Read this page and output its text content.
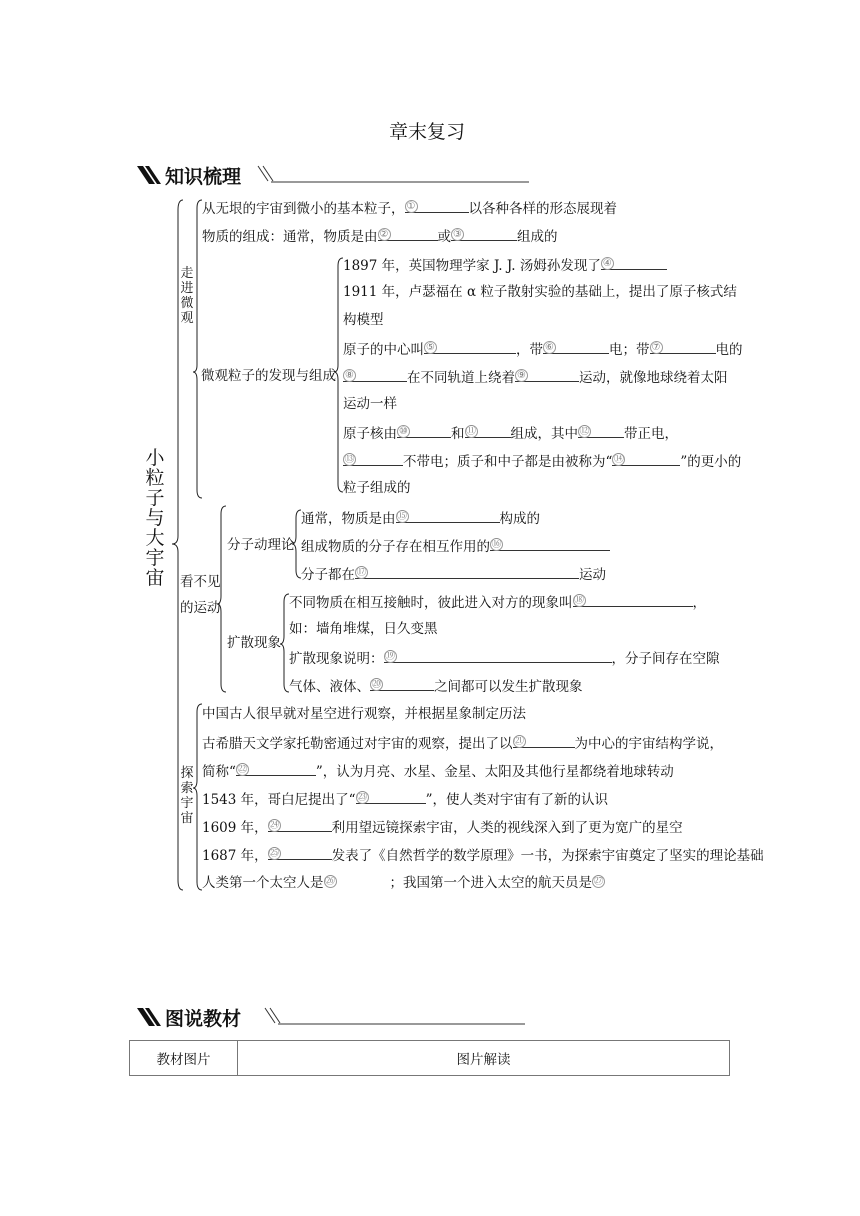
章末复习
知识梳理
小
粒
子
与
大
宇
宙
走
进
微
观
看不见
的运动
探
索
宇
宙
微观粒子的发现与组成
分子动理论
扩散现象
从无垠的宇宙到微小的基本粒子， ①	以各种各样的形态展现着
物质的组成：通常，物质是由 ②	或 ③	组成的
1897 年，英国物理学家 J. J. 汤姆孙发现了 ④
1911 年，卢瑟福在 α 粒子散射实验的基础上，提出了原子核式结
构模型
原子的中心叫 ⑤	，带 ⑥	电；带 ⑦	电的
⑧	在不同轨道上绕着 ⑨	运动，就像地球绕着太阳
运动一样
原子核由 ⑩	和 ⑪	组成，其中 ⑫	带正电，
⑬	不带电；质子和中子都是由被称为“ ⑭	”的更小的
粒子组成的
通常，物质是由 ⑮	构成的
组成物质的分子存在相互作用的 ⑯
分子都在 ⑰	运动
不同物质在相互接触时，彼此进入对方的现象叫 ⑱	，
如：墙角堆煤，日久变黑
扩散现象说明： ⑲	，分子间存在空隙
气体、液体、 ⑳	之间都可以发生扩散现象
中国古人很早就对星空进行观察，并根据星象制定历法
古希腊天文学家托勒密通过对宇宙的观察，提出了以 ㉑	为中心的宇宙结构学说，
简称“ ㉒	”，认为月亮、水星、金星、太阳及其他行星都绕着地球转动
1543 年，哥白尼提出了“ ㉓	”，使人类对宇宙有了新的认识
1609 年， ㉔	利用望远镜探索宇宙，人类的视线深入到了更为宽广的星空
1687 年， ㉕	发表了《自然哲学的数学原理》一书，为探索宇宙奠定了坚实的理论基础
人类第一个太空人是 ㉖	；我国第一个进入太空的航天员是 ㉗
图说教材
教材图片	图片解读
